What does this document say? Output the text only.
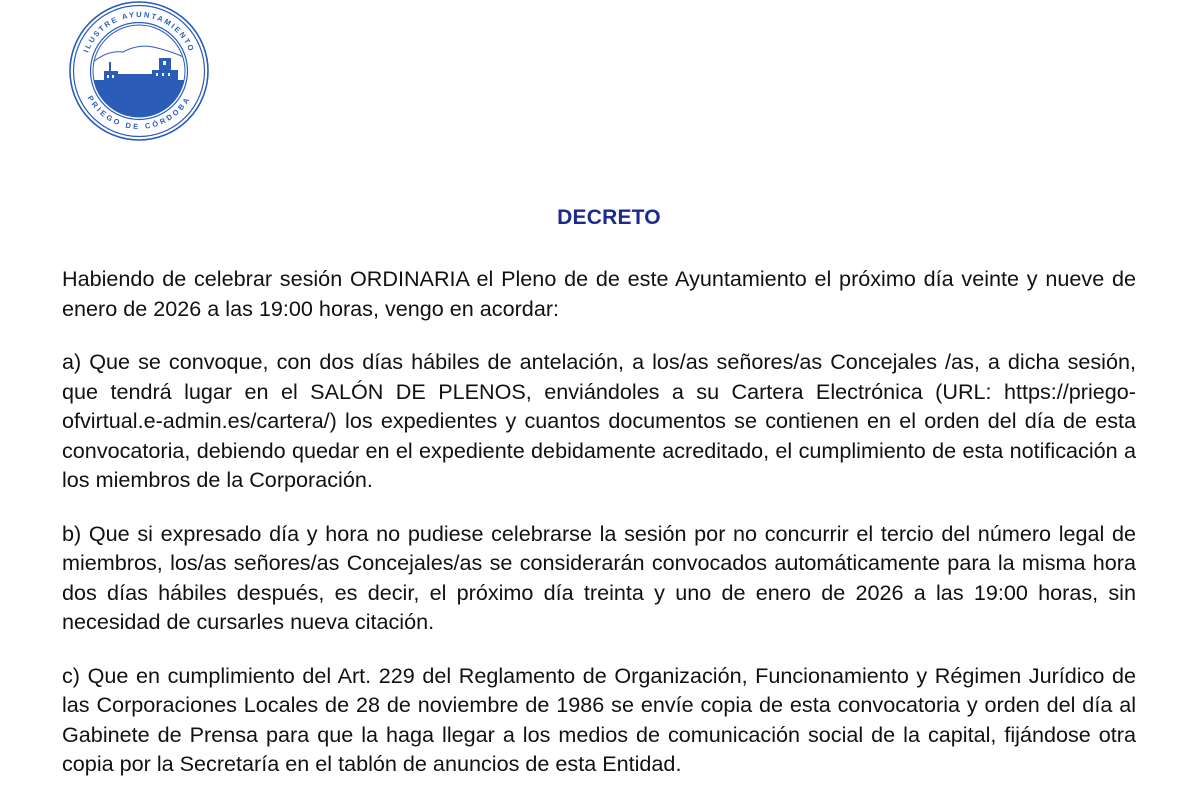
ILUSTRE AYUNTAMIENTO
PRIEGO DE CÓRDOBA
DECRETO

Habiendo de celebrar sesión ORDINARIA el Pleno de de este Ayuntamiento el próximo día veinte y nueve de enero de 2026 a las 19:00 horas, vengo en acordar:

a) Que se convoque, con dos días hábiles de antelación, a los/as señores/as Concejales /as, a dicha sesión, que tendrá lugar en el SALÓN DE PLENOS, enviándoles a su Cartera Electrónica (URL: https://priego-ofvirtual.e-admin.es/cartera/) los expedientes y cuantos documentos se contienen en el orden del día de esta convocatoria, debiendo quedar en el expediente debidamente acreditado, el cumplimiento de esta notificación a los miembros de la Corporación.

b) Que si expresado día y hora no pudiese celebrarse la sesión por no concurrir el tercio del número legal de miembros, los/as señores/as Concejales/as se considerarán convocados automáticamente para la misma hora dos días hábiles después, es decir, el próximo día treinta y uno de enero de 2026 a las 19:00 horas, sin necesidad de cursarles nueva citación.

c) Que en cumplimiento del Art. 229 del Reglamento de Organización, Funcionamiento y Régimen Jurídico de las Corporaciones Locales de 28 de noviembre de 1986 se envíe copia de esta convocatoria y orden del día al Gabinete de Prensa para que la haga llegar a los medios de comunicación social de la capital, fijándose otra copia por la Secretaría en el tablón de anuncios de esta Entidad.
